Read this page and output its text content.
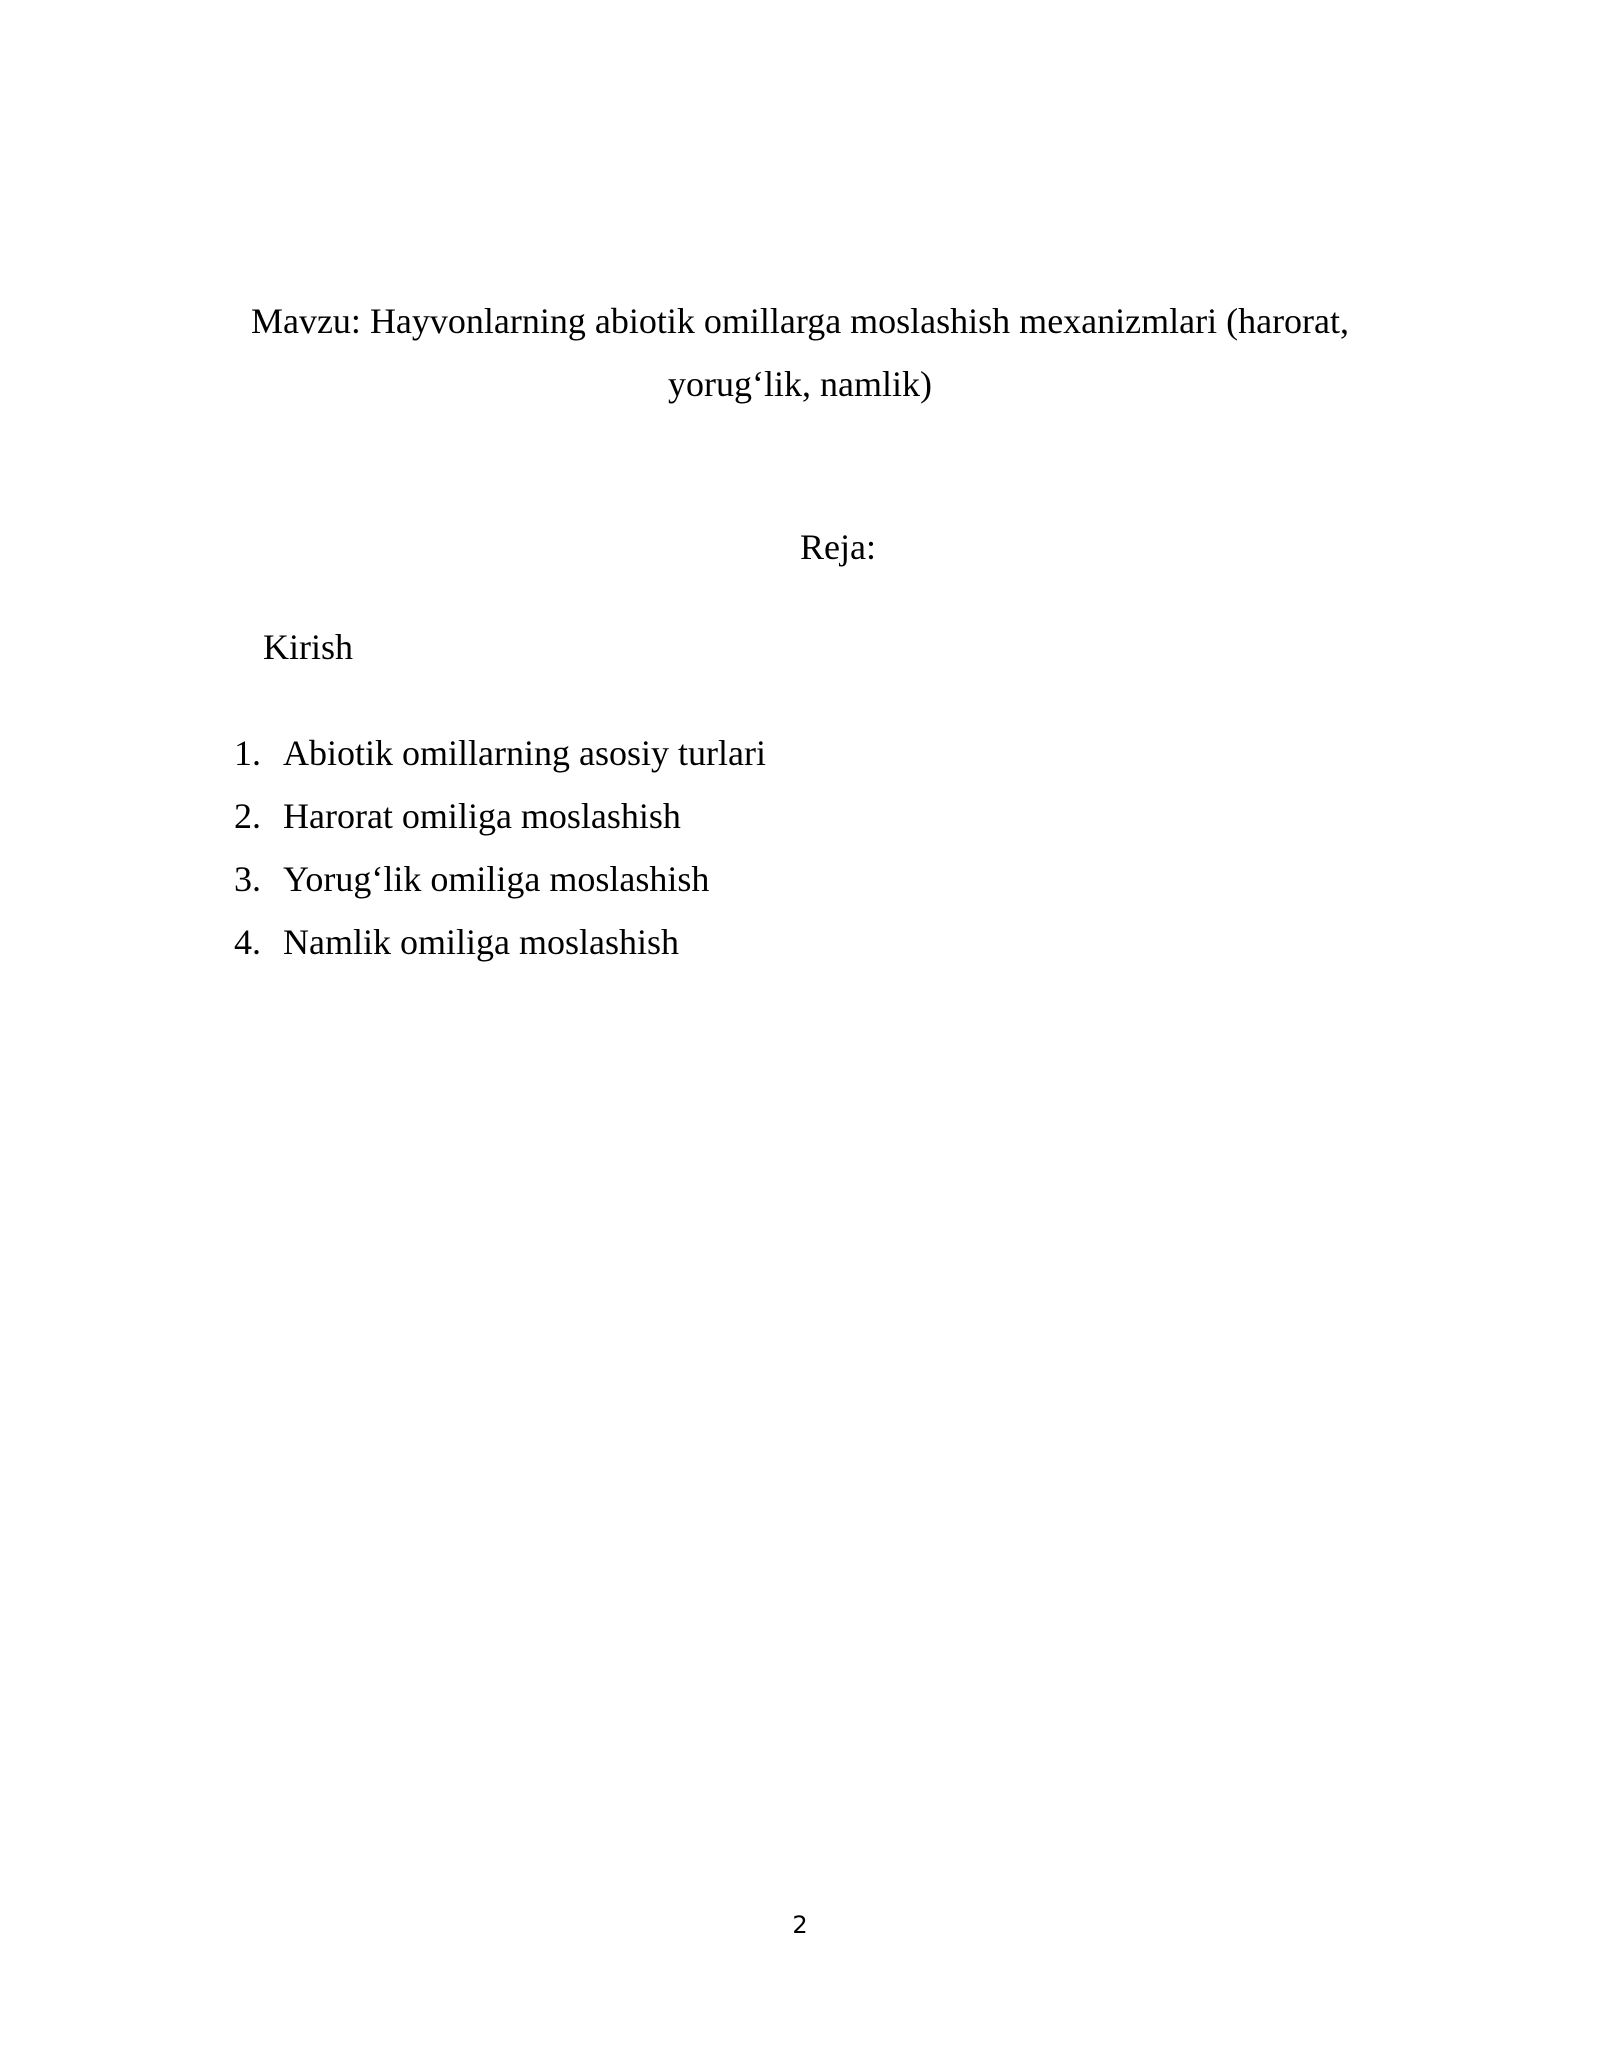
Mavzu: Hayvonlarning abiotik omillarga moslashish mexanizmlari (harorat,
yorug‘lik, namlik)
Reja:
Kirish
1. Abiotik omillarning asosiy turlari
2. Harorat omiliga moslashish
3. Yorug‘lik omiliga moslashish
4. Namlik omiliga moslashish
2
